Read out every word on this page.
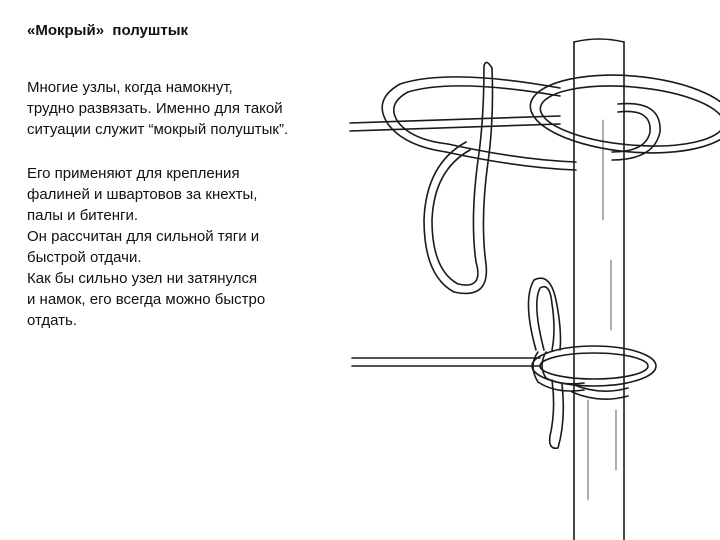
«Мокрый»  полуштык

Многие узлы, когда намокнут,
трудно развязать. Именно для такой
ситуации служит “мокрый полуштык”.

Его применяют для крепления
фалиней и швартовов за кнехты,
палы и битенги.
Он рассчитан для сильной тяги и
быстрой отдачи.
Как бы сильно узел ни затянулся
и намок, его всегда можно быстро
отдать.
